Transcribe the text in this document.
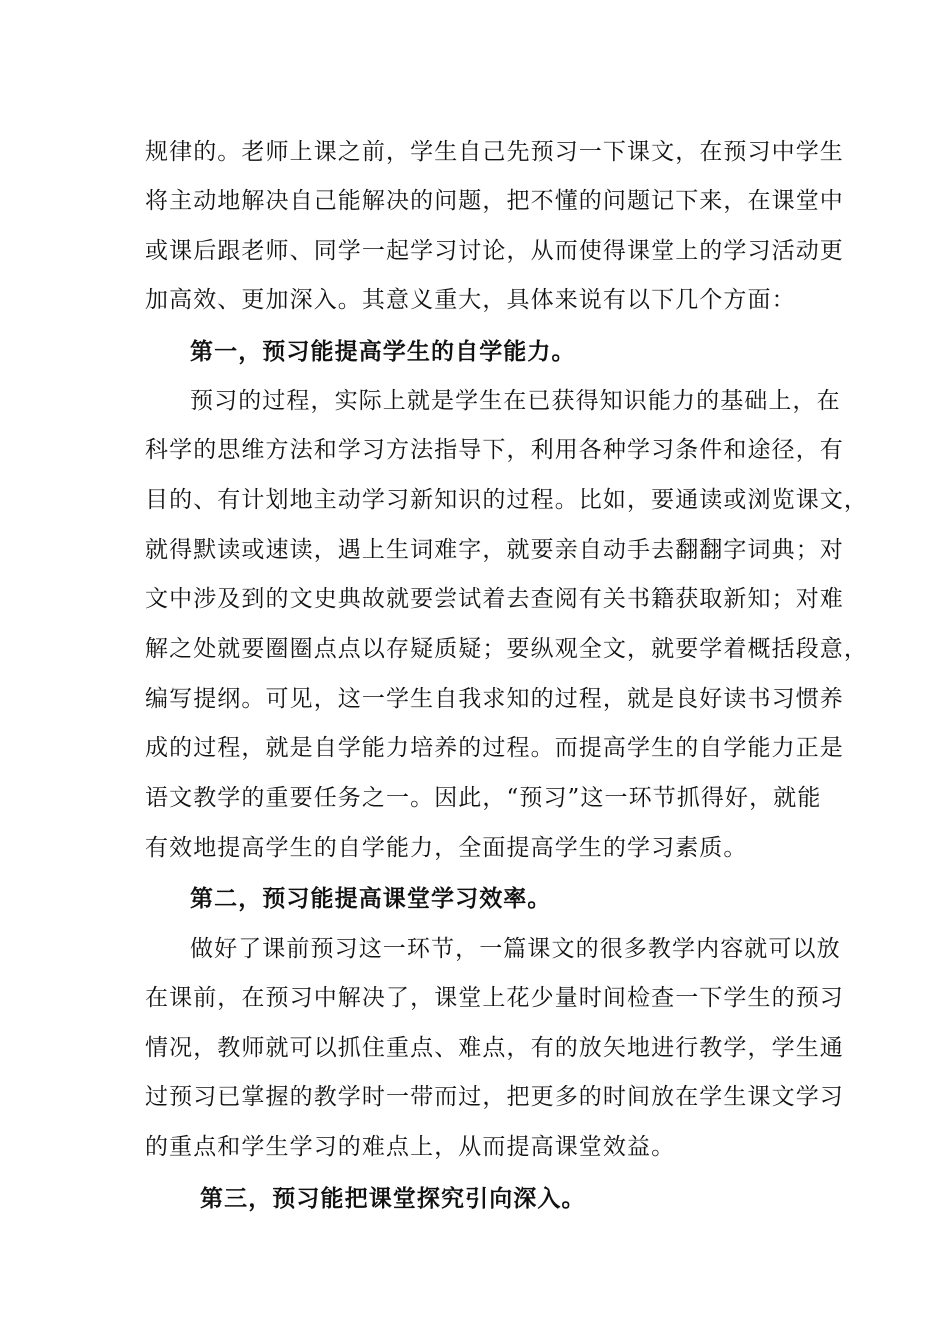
规律的。老师上课之前，学生自己先预习一下课文，在预习中学生
将主动地解决自己能解决的问题，把不懂的问题记下来，在课堂中
或课后跟老师、同学一起学习讨论，从而使得课堂上的学习活动更
加高效、更加深入。其意义重大，具体来说有以下几个方面：
第一，预习能提高学生的自学能力。
预习的过程，实际上就是学生在已获得知识能力的基础上，在
科学的思维方法和学习方法指导下，利用各种学习条件和途径，有
目的、有计划地主动学习新知识的过程。比如，要通读或浏览课文，
就得默读或速读，遇上生词难字，就要亲自动手去翻翻字词典；对
文中涉及到的文史典故就要尝试着去查阅有关书籍获取新知；对难
解之处就要圈圈点点以存疑质疑；要纵观全文，就要学着概括段意，
编写提纲。可见，这一学生自我求知的过程，就是良好读书习惯养
成的过程，就是自学能力培养的过程。而提高学生的自学能力正是
语文教学的重要任务之一。因此，“预习”这一环节抓得好，就能
有效地提高学生的自学能力，全面提高学生的学习素质。
第二，预习能提高课堂学习效率。
做好了课前预习这一环节，一篇课文的很多教学内容就可以放
在课前，在预习中解决了，课堂上花少量时间检查一下学生的预习
情况，教师就可以抓住重点、难点，有的放矢地进行教学，学生通
过预习已掌握的教学时一带而过，把更多的时间放在学生课文学习
的重点和学生学习的难点上，从而提高课堂效益。
第三，预习能把课堂探究引向深入。
